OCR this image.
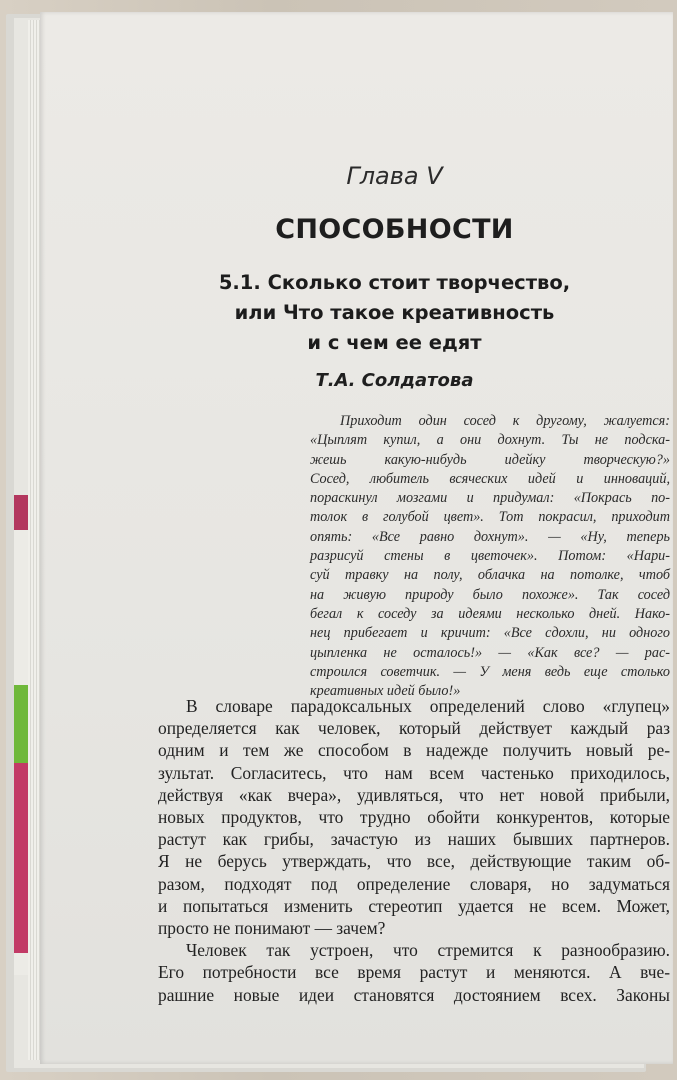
Глава V
СПОСОБНОСТИ
5.1. Сколько стоит творчество,
или Что такое креативность
и с чем ее едят
Т.А. Солдатова
Приходит один сосед к другому, жалуется:
«Цыплят купил, а они дохнут. Ты не подска-
жешь какую-нибудь идейку творческую?»
Сосед, любитель всяческих идей и инноваций,
пораскинул мозгами и придумал: «Покрась по-
толок в голубой цвет». Тот покрасил, приходит
опять: «Все равно дохнут». — «Ну, теперь
разрисуй стены в цветочек». Потом: «Нари-
суй травку на полу, облачка на потолке, чтоб
на живую природу было похоже». Так сосед
бегал к соседу за идеями несколько дней. Нако-
нец прибегает и кричит: «Все сдохли, ни одного
цыпленка не осталось!» — «Как все? — рас-
строился советчик. — У меня ведь еще столько
креативных идей было!»
В словаре парадоксальных определений слово «глупец»
определяется как человек, который действует каждый раз
одним и тем же способом в надежде получить новый ре-
зультат. Согласитесь, что нам всем частенько приходилось,
действуя «как вчера», удивляться, что нет новой прибыли,
новых продуктов, что трудно обойти конкурентов, которые
растут как грибы, зачастую из наших бывших партнеров.
Я не берусь утверждать, что все, действующие таким об-
разом, подходят под определение словаря, но задуматься
и попытаться изменить стереотип удается не всем. Может,
просто не понимают — зачем?
Человек так устроен, что стремится к разнообразию.
Его потребности все время растут и меняются. А вче-
рашние новые идеи становятся достоянием всех. Законы
